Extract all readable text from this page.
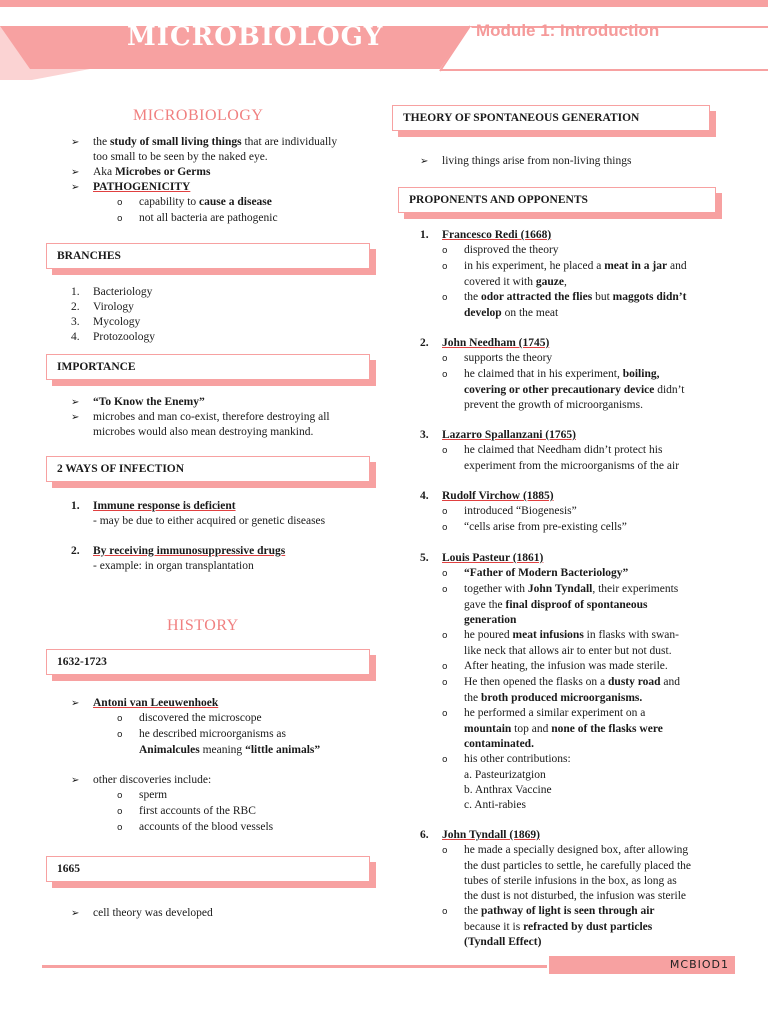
MICROBIOLOGY	Module 1: Introduction
MICROBIOLOGY
➢ the study of small living things that are individually
too small to be seen by the naked eye.
➢ Aka Microbes or Germs
➢ PATHOGENICITY
o capability to cause a disease
o not all bacteria are pathogenic
BRANCHES
1. Bacteriology
2. Virology
3. Mycology
4. Protozoology
IMPORTANCE
➢ “To Know the Enemy”
➢ microbes and man co-exist, therefore destroying all
microbes would also mean destroying mankind.
2 WAYS OF INFECTION
1. Immune response is deficient
- may be due to either acquired or genetic diseases
2. By receiving immunosuppressive drugs
- example: in organ transplantation
HISTORY
1632-1723
➢ Antoni van Leeuwenhoek
o discovered the microscope
o he described microorganisms as
Animalcules meaning “little animals”
➢ other discoveries include:
o sperm
o first accounts of the RBC
o accounts of the blood vessels
1665
➢ cell theory was developed
THEORY OF SPONTANEOUS GENERATION
➢ living things arise from non-living things
PROPONENTS AND OPPONENTS
1. Francesco Redi (1668)
o disproved the theory
o in his experiment, he placed a meat in a jar and
covered it with gauze,
o the odor attracted the flies but maggots didn’t
develop on the meat
2. John Needham (1745)
o supports the theory
o he claimed that in his experiment, boiling,
covering or other precautionary device didn’t
prevent the growth of microorganisms.
3. Lazarro Spallanzani (1765)
o he claimed that Needham didn’t protect his
experiment from the microorganisms of the air
4. Rudolf Virchow (1885)
o introduced “Biogenesis”
o “cells arise from pre-existing cells”
5. Louis Pasteur (1861)
o “Father of Modern Bacteriology”
o together with John Tyndall, their experiments
gave the final disproof of spontaneous
generation
o he poured meat infusions in flasks with swan-
like neck that allows air to enter but not dust.
o After heating, the infusion was made sterile.
o He then opened the flasks on a dusty road and
the broth produced microorganisms.
o he performed a similar experiment on a
mountain top and none of the flasks were
contaminated.
o his other contributions:
a. Pasteurizatgion
b. Anthrax Vaccine
c. Anti-rabies
6. John Tyndall (1869)
o he made a specially designed box, after allowing
the dust particles to settle, he carefully placed the
tubes of sterile infusions in the box, as long as
the dust is not disturbed, the infusion was sterile
o the pathway of light is seen through air
because it is refracted by dust particles
(Tyndall Effect)
MCBIOD1
